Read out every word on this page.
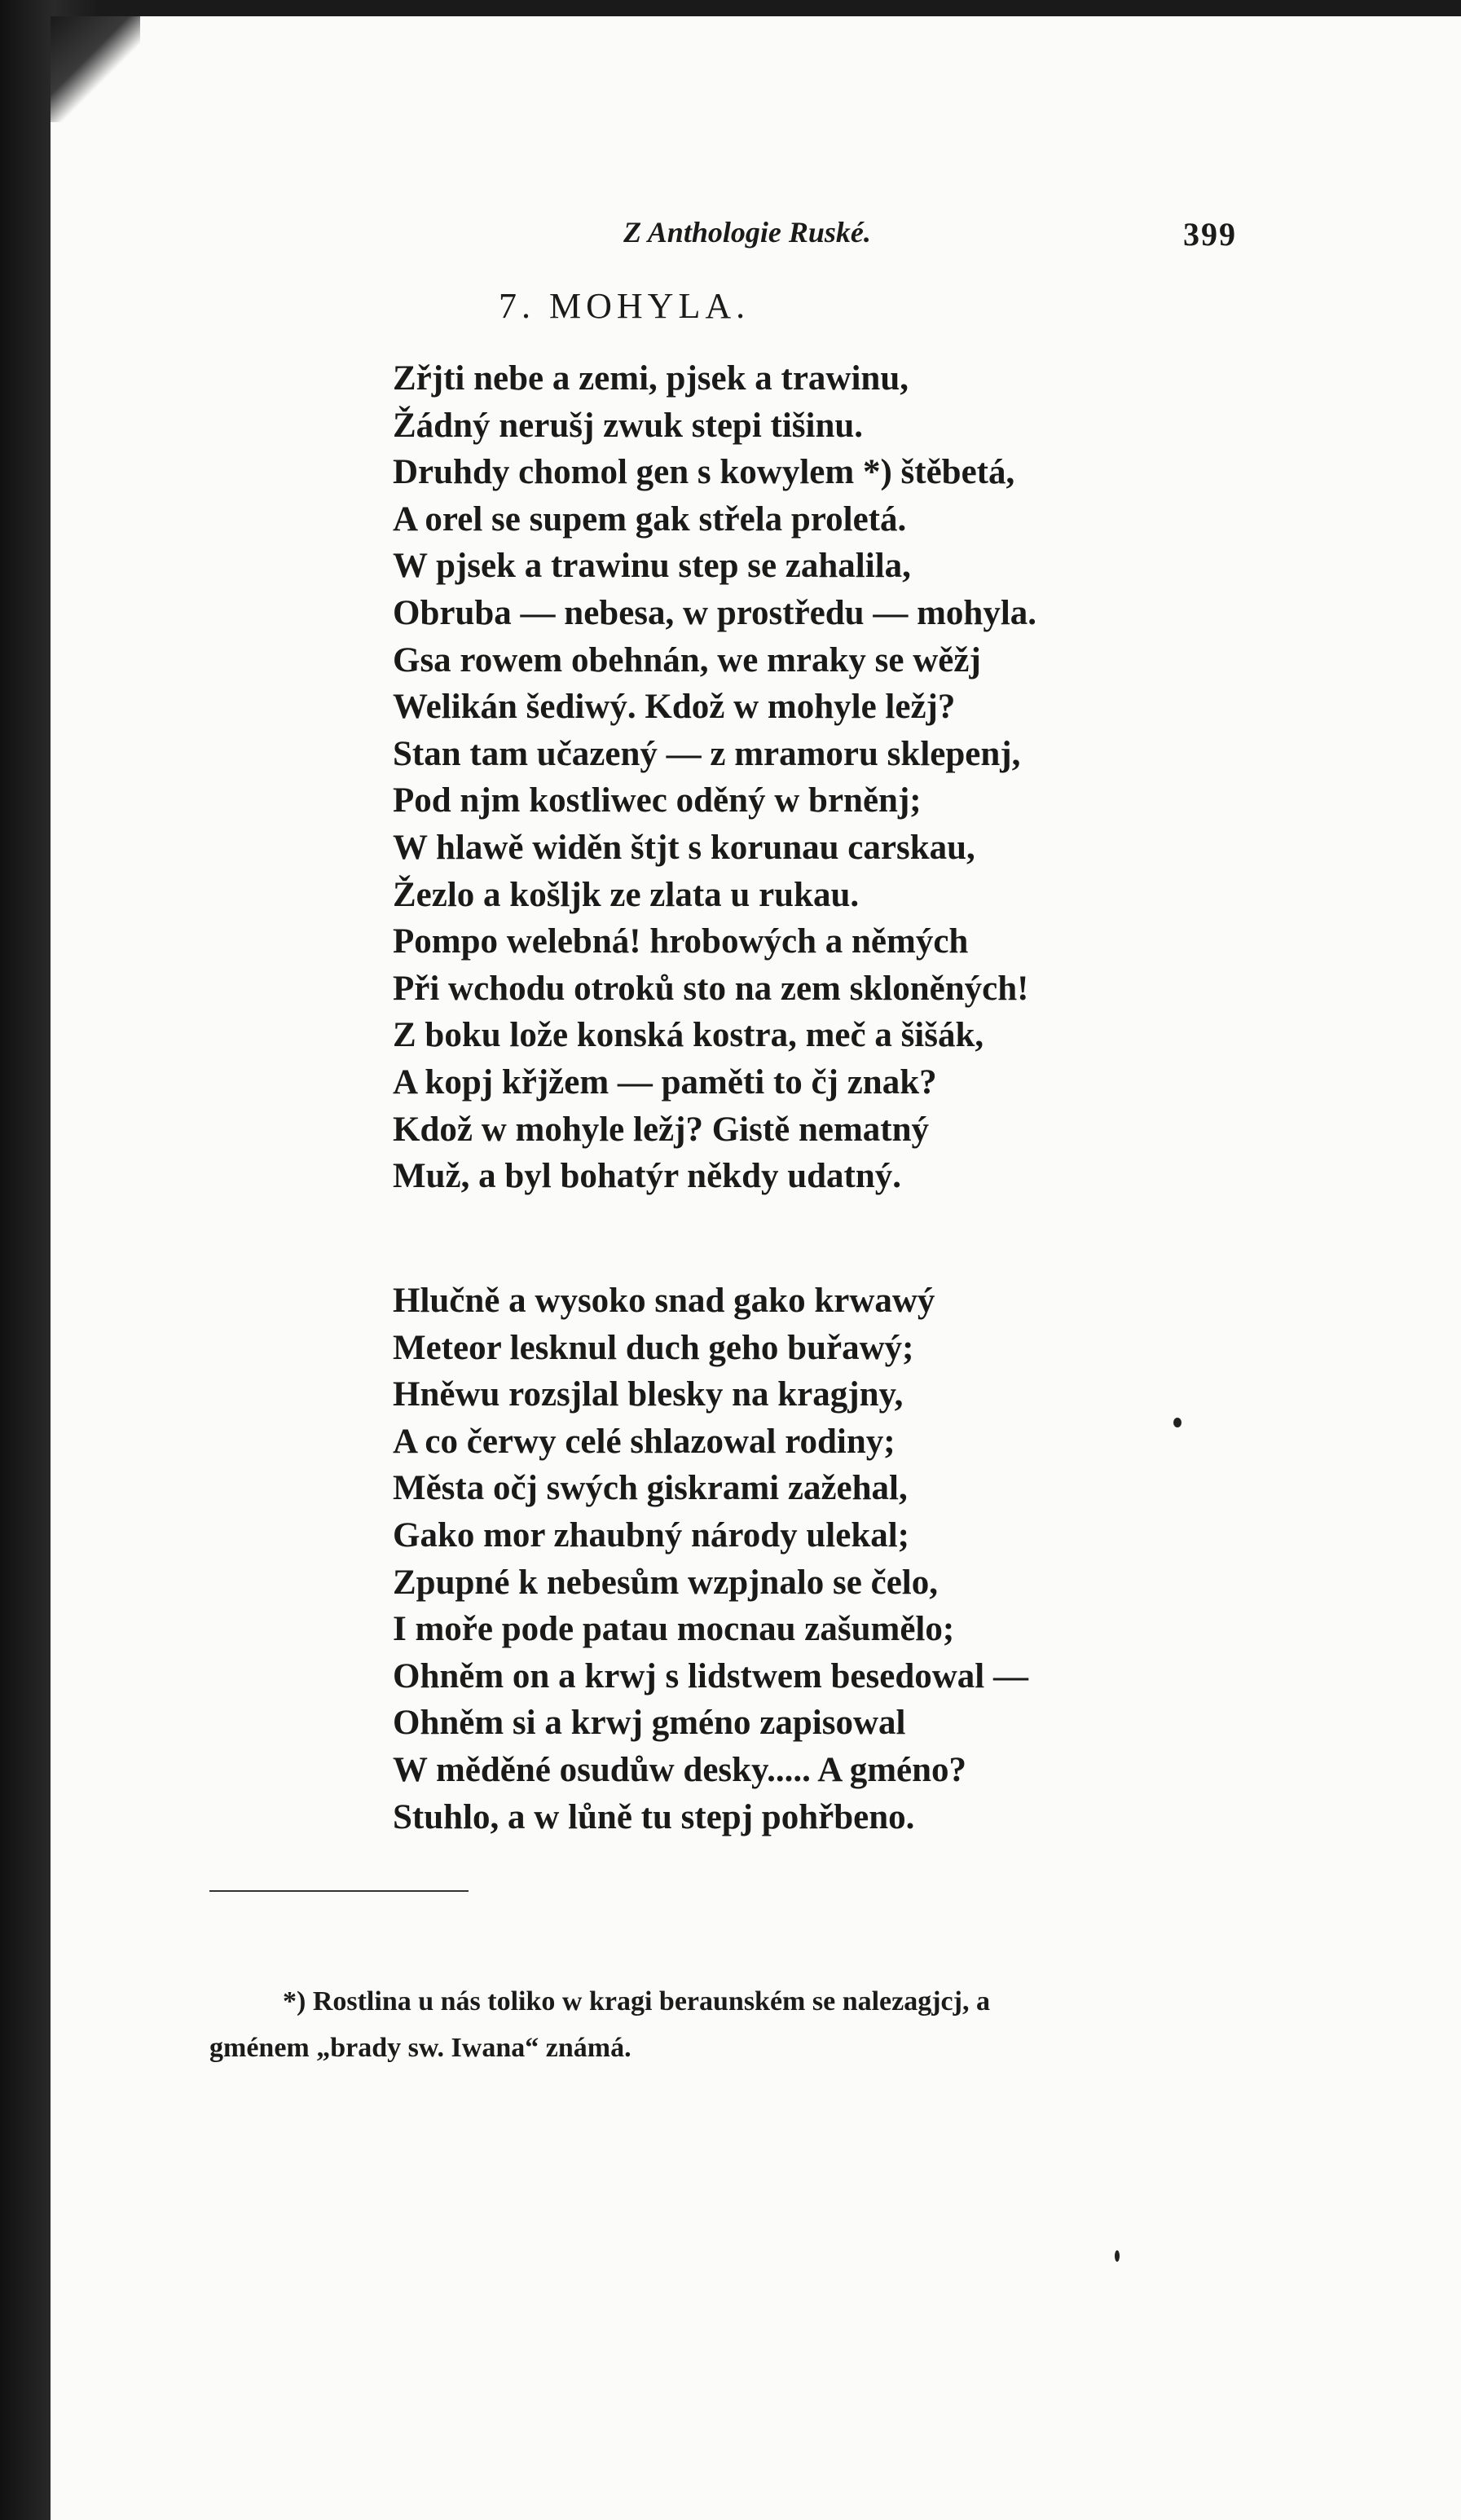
Z Anthologie Ruské.	399
7. MOHYLA.
Zřjti nebe a zemi, pjsek a trawinu,
Žádný nerušj zwuk stepi tišinu.
Druhdy chomol gen s kowylem *) štěbetá,
A orel se supem gak střela proletá.
W pjsek a trawinu step se zahalila,
Obruba — nebesa, w prostředu — mohyla.
Gsa rowem obehnán, we mraky se wěžj
Welikán šediwý. Kdož w mohyle ležj?
Stan tam učazený — z mramoru sklepenj,
Pod njm kostliwec oděný w brněnj;
W hlawě widěn štjt s korunau carskau,
Žezlo a košljk ze zlata u rukau.
Pompo welebná! hrobowých a němých
Při wchodu otroků sto na zem skloněných!
Z boku lože konská kostra, meč a šišák,
A kopj křjžem — paměti to čj znak?
Kdož w mohyle ležj? Gistě nematný
Muž, a byl bohatýr někdy udatný.
Hlučně a wysoko snad gako krwawý
Meteor lesknul duch geho buřawý;
Hněwu rozsjlal blesky na kragjny,
A co čerwy celé shlazowal rodiny;
Města očj swých giskrami zažehal,
Gako mor zhaubný národy ulekal;
Zpupné k nebesům wzpjnalo se čelo,
I moře pode patau mocnau zašumělo;
Ohněm on a krwj s lidstwem besedowal —
Ohněm si a krwj gméno zapisowal
W měděné osudůw desky..... A gméno?
Stuhlo, a w lůně tu stepj pohřbeno.

*) Rostlina u nás toliko w kragi beraunském se nalezagjcj, a

gménem „brady sw. Iwana“ známá.
